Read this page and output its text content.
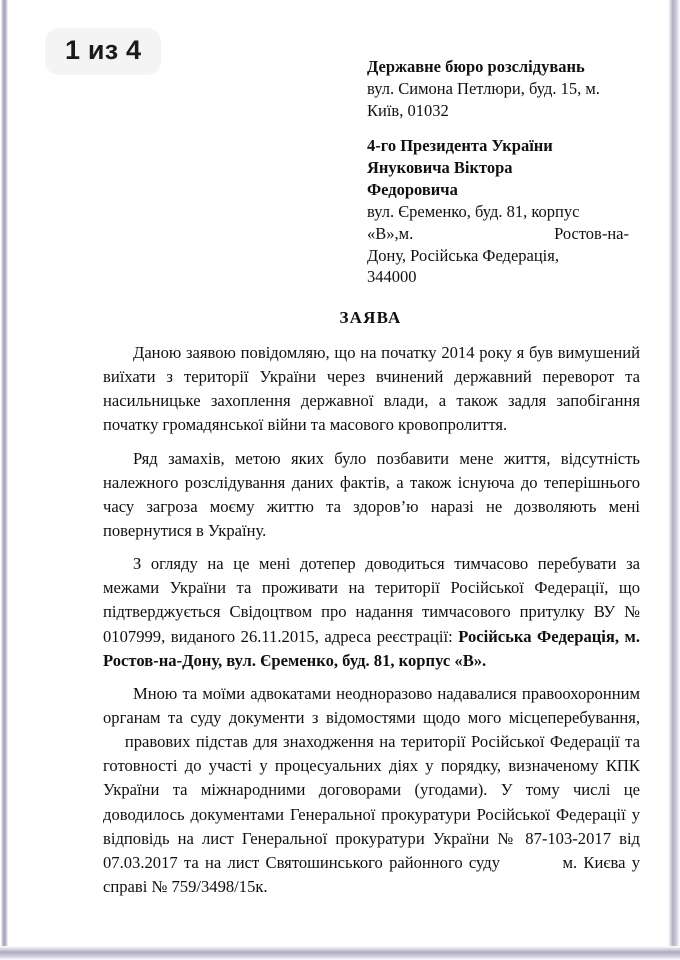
1 из 4
Державне бюро розслідувань
вул. Симона Петлюри, буд. 15, м.
Київ, 01032
4-го Президента України
Януковича Віктора
Федоровича
вул. Єременко, буд. 81, корпус
«В»,м. Ростов-на-
Дону, Російська Федерація,
344000
ЗАЯВА

Даною заявою повідомляю, що на початку 2014 року я був вимушений виїхати з території України через вчинений державний переворот та насильницьке захоплення державної влади, а також задля запобігання початку громадянської війни та масового кровопролиття.

Ряд замахів, метою яких було позбавити мене життя, відсутність належного розслідування даних фактів, а також існуюча до теперішнього часу загроза моєму життю та здоров’ю наразі не дозволяють мені повернутися в Україну.

З огляду на це мені дотепер доводиться тимчасово перебувати за межами України та проживати на території Російської Федерації, що підтверджується Свідоцтвом про надання тимчасового притулку ВУ № 0107999, виданого 26.11.2015, адреса реєстрації: Російська Федерація, м. Ростов-на-Дону, вул. Єременко, буд. 81, корпус «В».

Мною та моїми адвокатами неодноразово надавалися правоохоронним органам та суду документи з відомостями щодо мого місцеперебування,    правових підстав для знаходження на території Російської Федерації та готовності до участі у процесуальних діях у порядку, визначеному КПК України та міжнародними договорами (угодами). У тому числі це доводилось документами Генеральної прокуратури Російської Федерації у відповідь на лист Генеральної прокуратури України № 87-103-2017 від 07.03.2017 та на лист Святошинського районного суду	м. Києва у справі № 759/3498/15к.
